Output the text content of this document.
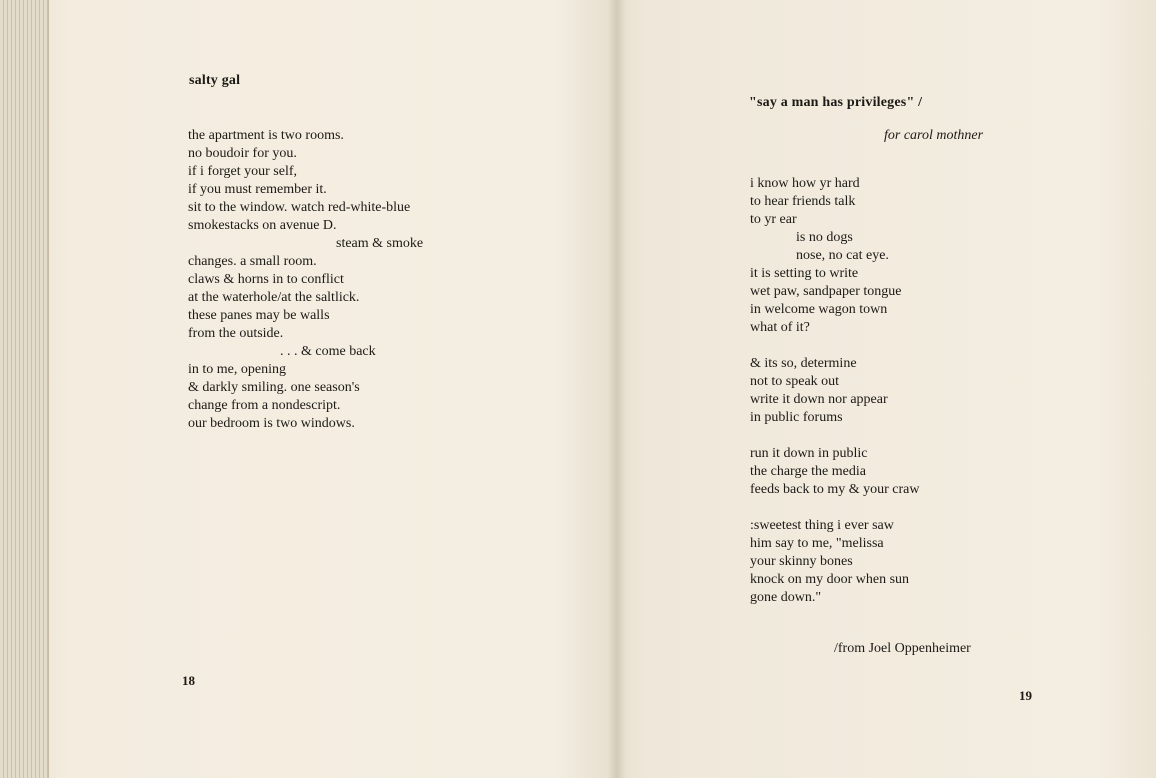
salty gal
the apartment is two rooms.
no boudoir for you.
if i forget your self,
if you must remember it.
sit to the window. watch red-white-blue
smokestacks on avenue D.
steam & smoke
changes. a small room.
claws & horns in to conflict
at the waterhole/at the saltlick.
these panes may be walls
from the outside.
. . . & come back
in to me, opening
& darkly smiling. one season's
change from a nondescript.
our bedroom is two windows.
18
"say a man has privileges" /
for carol mothner
i know how yr hard
to hear friends talk
to yr ear
is no dogs
nose, no cat eye.
it is setting to write
wet paw, sandpaper tongue
in welcome wagon town
what of it?
& its so, determine
not to speak out
write it down nor appear
in public forums
run it down in public
the charge the media
feeds back to my & your craw
:sweetest thing i ever saw
him say to me, "melissa
your skinny bones
knock on my door when sun
gone down."
/from Joel Oppenheimer
19
